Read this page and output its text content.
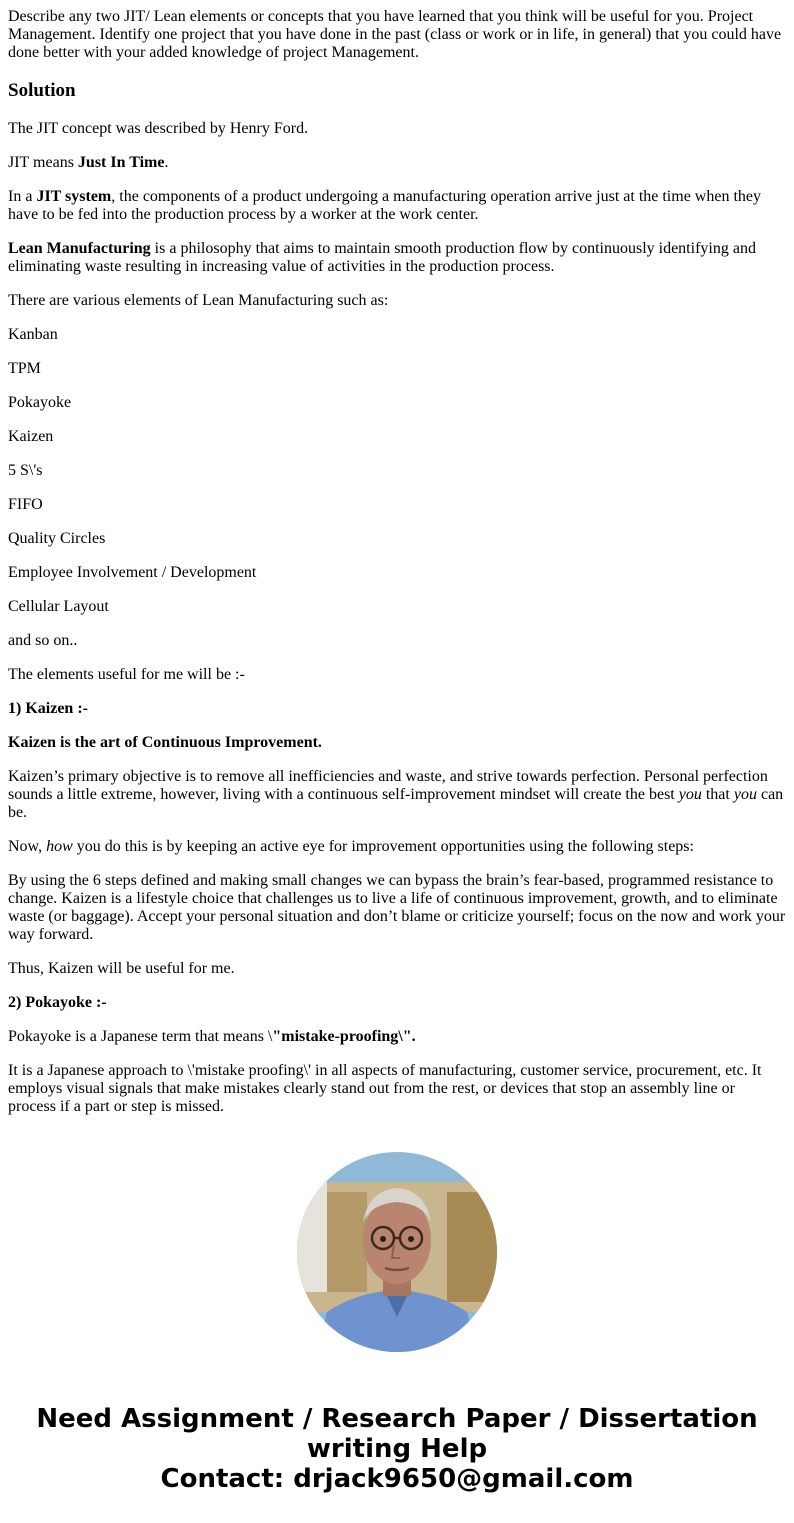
Describe any two JIT/ Lean elements or concepts that you have learned that you think will be useful for you. Project Management. Identify one project that you have done in the past (class or work or in life, in general) that you could have done better with your added knowledge of project Management.

Solution

The JIT concept was described by Henry Ford.

JIT means Just In Time.

In a JIT system, the components of a product undergoing a manufacturing operation arrive just at the time when they have to be fed into the production process by a worker at the work center.

Lean Manufacturing is a philosophy that aims to maintain smooth production flow by continuously identifying and eliminating waste resulting in increasing value of activities in the production process.

There are various elements of Lean Manufacturing such as:

Kanban

TPM

Pokayoke

Kaizen

5 S\'s

FIFO

Quality Circles

Employee Involvement / Development

Cellular Layout

and so on..

The elements useful for me will be :-

1) Kaizen :-

Kaizen is the art of Continuous Improvement.

Kaizen’s primary objective is to remove all inefficiencies and waste, and strive towards perfection. Personal perfection sounds a little extreme, however, living with a continuous self-improvement mindset will create the best you that you can be.

Now, how you do this is by keeping an active eye for improvement opportunities using the following steps:

By using the 6 steps defined and making small changes we can bypass the brain’s fear-based, programmed resistance to change. Kaizen is a lifestyle choice that challenges us to live a life of continuous improvement, growth, and to eliminate waste (or baggage). Accept your personal situation and don’t blame or criticize yourself; focus on the now and work your way forward.

Thus, Kaizen will be useful for me.

2) Pokayoke :-

Pokayoke is a Japanese term that means \"mistake-proofing\".

It is a Japanese approach to \'mistake proofing\' in all aspects of manufacturing, customer service, procurement, etc. It employs visual signals that make mistakes clearly stand out from the rest, or devices that stop an assembly line or process if a part or step is missed.

Need Assignment / Research Paper / Dissertation
writing Help
Contact: drjack9650@gmail.com
